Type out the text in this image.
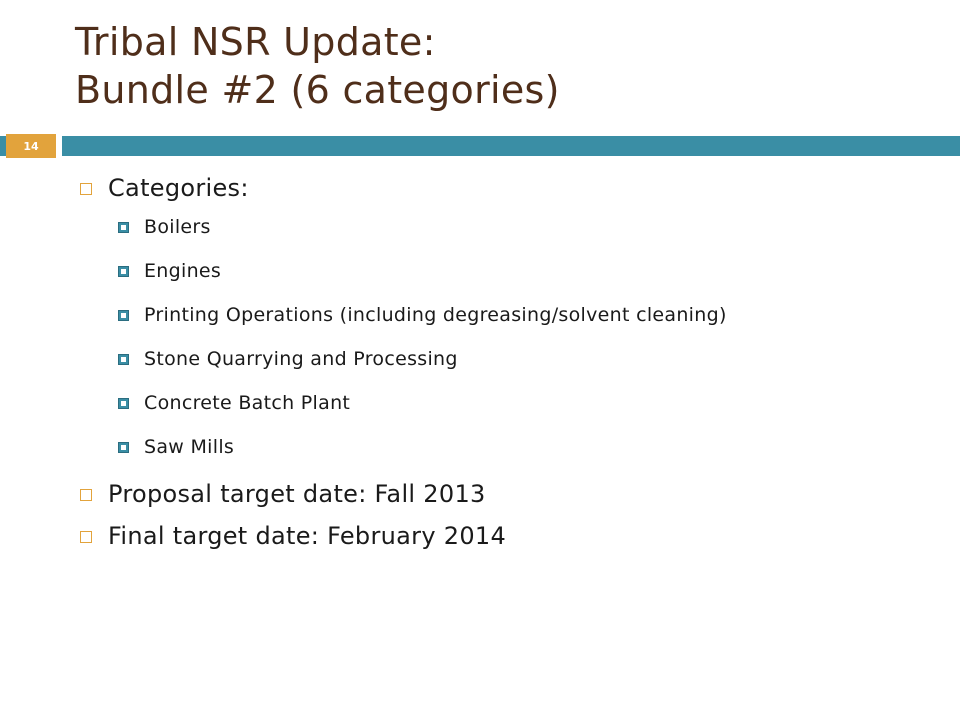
Tribal NSR Update:
Bundle #2 (6 categories)
14
Categories:
Boilers
Engines
Printing Operations (including degreasing/solvent cleaning)
Stone Quarrying and Processing
Concrete Batch Plant
Saw Mills
Proposal target date: Fall 2013
Final target date: February 2014
